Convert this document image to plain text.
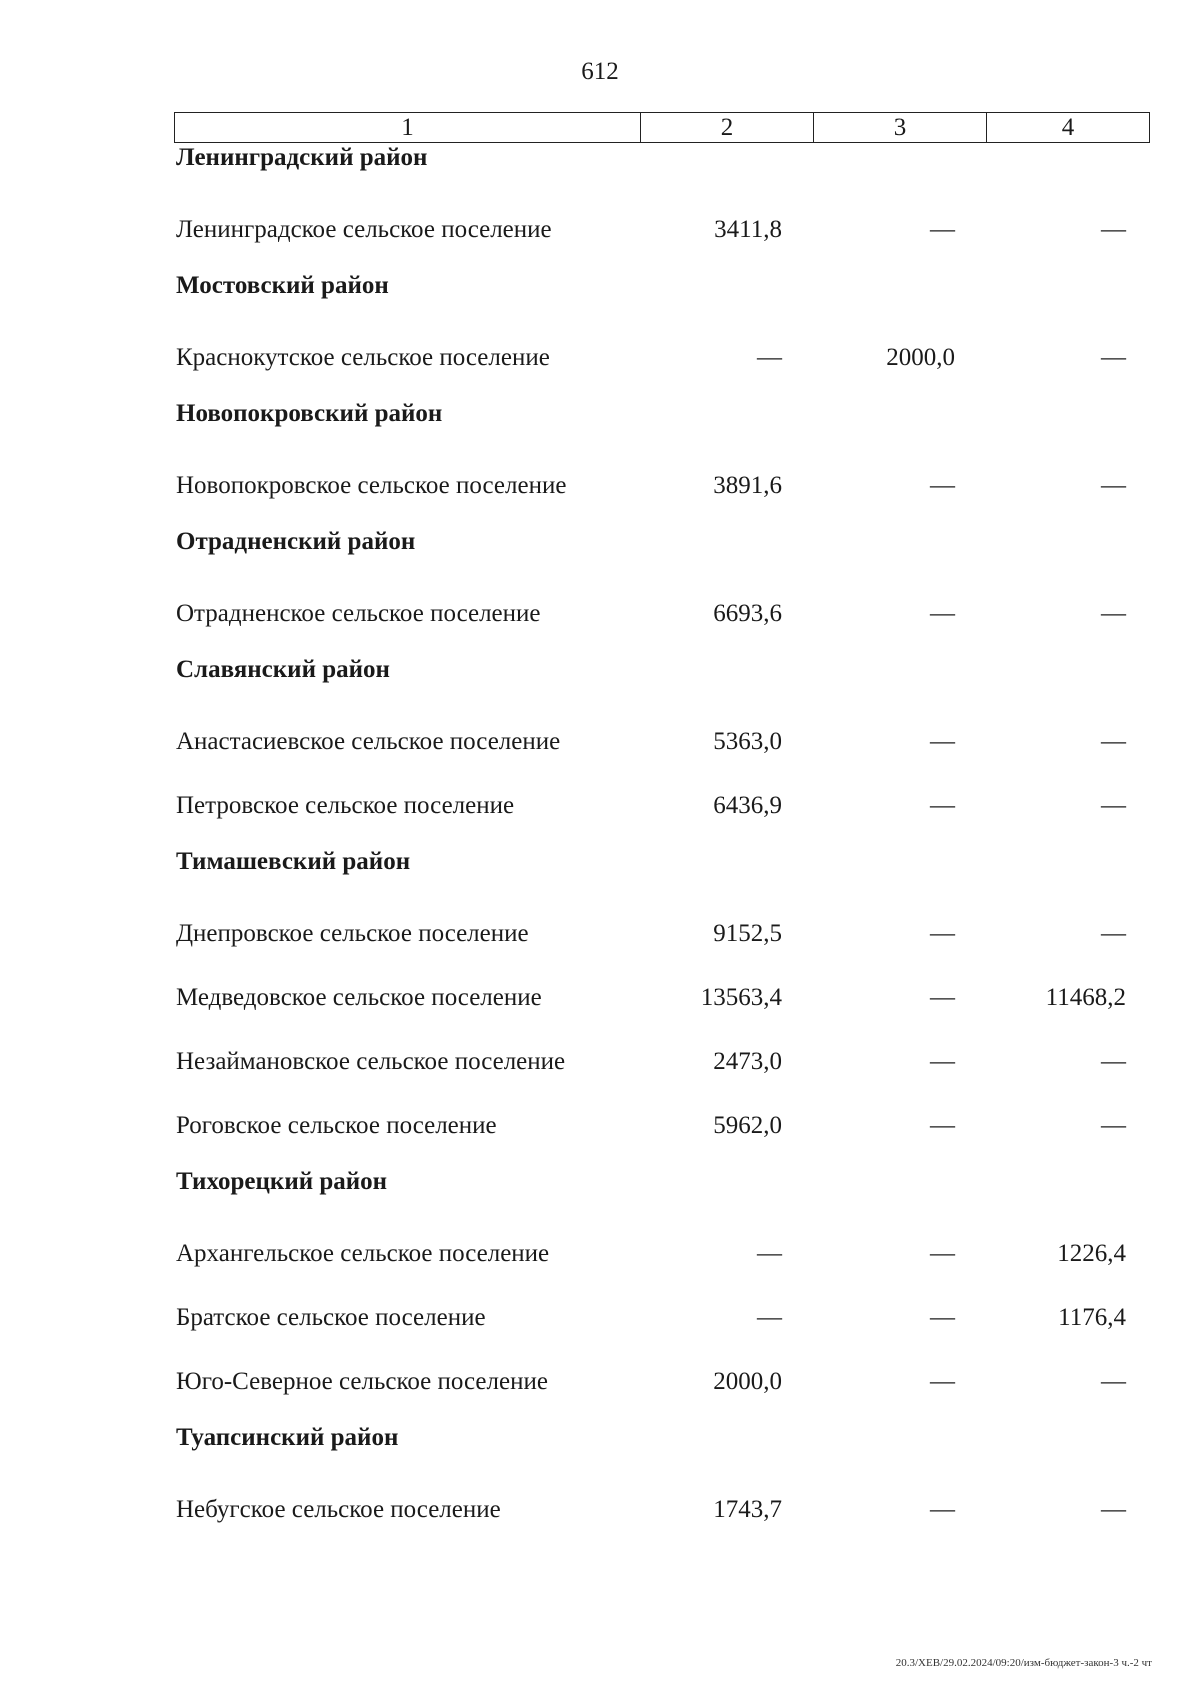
612
1	2	3	4
Ленинградский район
Ленинградское сельское поселение	3411,8	—	—
Мостовский район
Краснокутское сельское поселение	—	2000,0	—
Новопокровский район
Новопокровское сельское поселение	3891,6	—	—
Отрадненский район
Отрадненское сельское поселение	6693,6	—	—
Славянский район
Анастасиевское сельское поселение	5363,0	—	—
Петровское сельское поселение	6436,9	—	—
Тимашевский район
Днепровское сельское поселение	9152,5	—	—
Медведовское сельское поселение	13563,4	—	11468,2
Незаймановское сельское поселение	2473,0	—	—
Роговское сельское поселение	5962,0	—	—
Тихорецкий район
Архангельское сельское поселение	—	—	1226,4
Братское сельское поселение	—	—	1176,4
Юго-Северное сельское поселение	2000,0	—	—
Туапсинский район
Небугское сельское поселение	1743,7	—	—
20.3/ХЕВ/29.02.2024/09:20/изм-бюджет-закон-3 ч.-2 чт
